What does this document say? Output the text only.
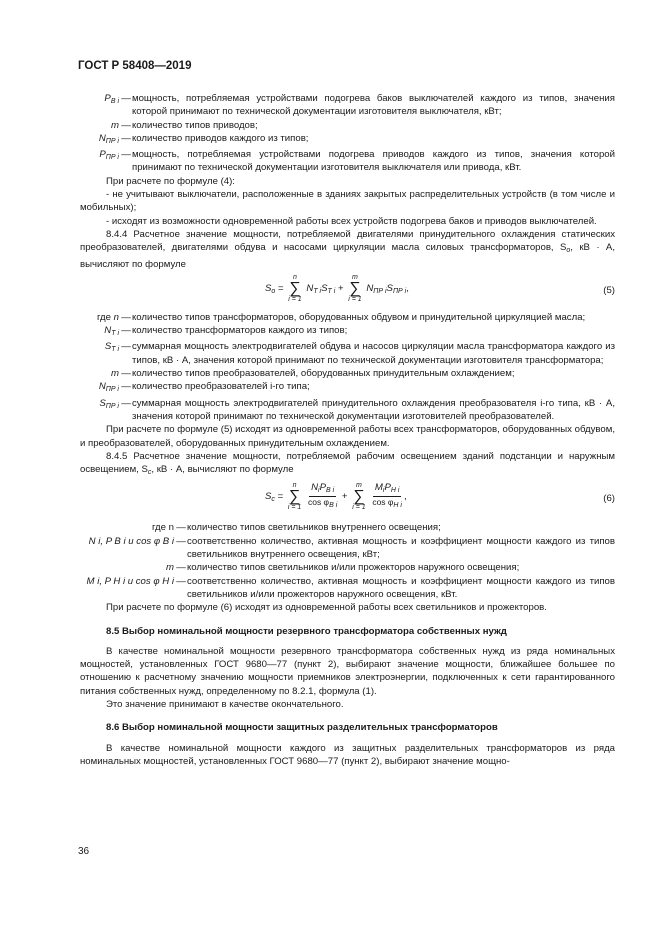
ГОСТ Р 58408—2019
$P_{В i}$ — мощность, потребляемая устройствами подогрева баков выключателей каждого из типов, значения которой принимают по технической документации изготовителя выключателя, кВт;
m — количество типов приводов;
$N_{ПР i}$ — количество приводов каждого из типов;
$P_{ПР i}$ — мощность, потребляемая устройствами подогрева приводов каждого из типов, значения которой принимают по технической документации изготовителя выключателя или привода, кВт.

При расчете по формуле (4):

- не учитывают выключатели, расположенные в зданиях закрытых распределительных устройств (в том числе и мобильных);

- исходят из возможности одновременной работы всех устройств подогрева баков и приводов выключателей.

8.4.4 Расчетное значение мощности, потребляемой двигателями принудительного охлаждения статических преобразователей, двигателями обдува и насосами циркуляции масла силовых трансформаторов, $S_о$, кВ · А, вычисляют по формуле

$S_о$ =
n
∑
i = 1
$N_{T i}S_{T i}$ +
m
∑
i = 1
$N_{ПР i}S_{ПР i}$,	(5)
где n — количество типов трансформаторов, оборудованных обдувом и принудительной циркуляцией масла;
$N_{T i}$ — количество трансформаторов каждого из типов;
$S_{T i}$ — суммарная мощность электродвигателей обдува и насосов циркуляции масла трансформатора каждого из типов, кВ · А, значения которой принимают по технической документации изготовителя трансформатора;
m — количество типов преобразователей, оборудованных принудительным охлаждением;
$N_{ПР i}$ — количество преобразователей i-го типа;
$S_{ПР i}$ — суммарная мощность электродвигателей принудительного охлаждения преобразователя i-го типа, кВ · А, значения которой принимают по технической документации изготовителей преобразователей.

При расчете по формуле (5) исходят из одновременной работы всех трансформаторов, оборудованных обдувом, и преобразователей, оборудованных принудительным охлаждением.

8.4.5 Расчетное значение мощности, потребляемой рабочим освещением зданий подстанции и наружным освещением, $S_с$, кВ · А, вычисляют по формуле

$S_с$ =
n
∑
i = 1
$\frac{N_iP_{В i}}{\cos \varphi_{В i}}$ +
m
∑
i = 1
$\frac{M_iP_{Н i}}{\cos \varphi_{Н i}}$ ,	(6)
где n — количество типов светильников внутреннего освещения;
N i, P В i и cos φ В i — соответственно количество, активная мощность и коэффициент мощности каждого из типов светильников внутреннего освещения, кВт;
m — количество типов светильников и/или прожекторов наружного освещения;
M i, P Н i и cos φ Н i — соответственно количество, активная мощность и коэффициент мощности каждого из типов светильников и/или прожекторов наружного освещения, кВт.

При расчете по формуле (6) исходят из одновременной работы всех светильников и прожекторов.

8.5 Выбор номинальной мощности резервного трансформатора собственных нужд

В качестве номинальной мощности резервного трансформатора собственных нужд из ряда номинальных мощностей, установленных ГОСТ 9680—77 (пункт 2), выбирают значение мощности, ближайшее большее по отношению к расчетному значению мощности приемников электроэнергии, подключенных к сети гарантированного питания собственных нужд, определенному по 8.2.1, формула (1).

Это значение принимают в качестве окончательного.

8.6 Выбор номинальной мощности защитных разделительных трансформаторов

В качестве номинальной мощности каждого из защитных разделительных трансформаторов из ряда номинальных мощностей, установленных ГОСТ 9680—77 (пункт 2), выбирают значение мощно-

36
